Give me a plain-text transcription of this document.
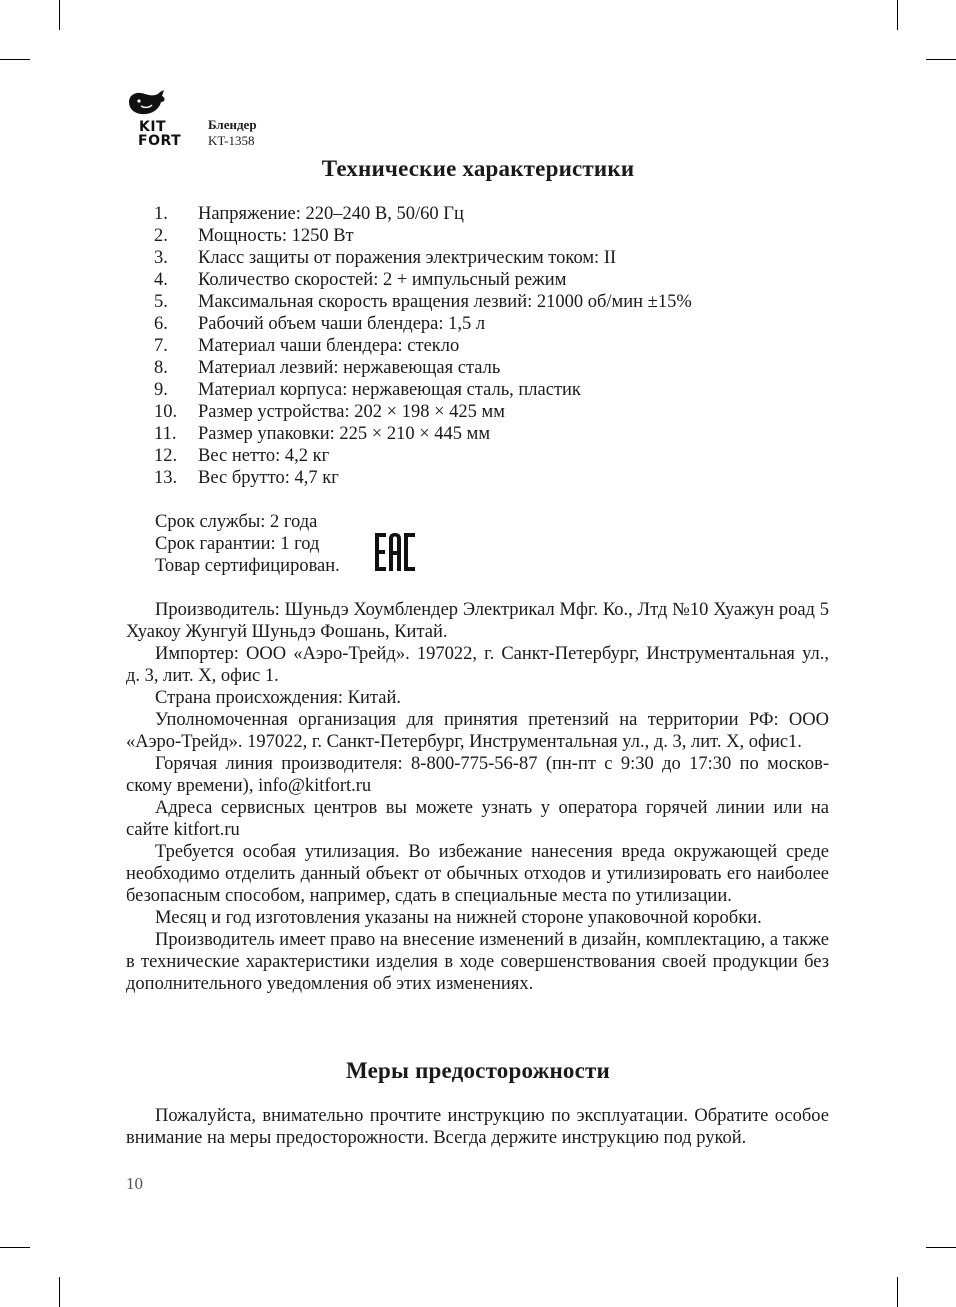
KIT
FORT
Блендер
KT-1358
Технические характеристики
1. Напряжение: 220–240 В, 50/60 Гц
2. Мощность: 1250 Вт
3. Класс защиты от поражения электрическим током: II
4. Количество скоростей: 2 + импульсный режим
5. Максимальная скорость вращения лезвий: 21000 об/мин ±15%
6. Рабочий объем чаши блендера: 1,5 л
7. Материал чаши блендера: стекло
8. Материал лезвий: нержавеющая сталь
9. Материал корпуса: нержавеющая сталь, пластик
10. Размер устройства: 202 × 198 × 425 мм
11. Размер упаковки: 225 × 210 × 445 мм
12. Вес нетто: 4,2 кг
13. Вес брутто: 4,7 кг
Срок службы: 2 года
Срок гарантии: 1 год
Товар сертифицирован.

Производитель: Шуньдэ Хоумблендер Электрикал Мфг. Ко., Лтд №10 Хуажун роад 5 Хуакоу Жунгуй Шуньдэ Фошань, Китай.

Импортер: ООО «Аэро-Трейд». 197022, г. Санкт-Петербург, Инструментальная ул., д. 3, лит. Х, офис 1.

Страна происхождения: Китай.

Уполномоченная организация для принятия претензий на территории РФ: ООО «Аэро-Трейд». 197022, г. Санкт-Петербург, Инструментальная ул., д. 3, лит. Х, офис1.

Горячая линия производителя: 8-800-775-56-87 (пн-пт с 9:30 до 17:30 по московскому времени), info@kitfort.ru

Адреса сервисных центров вы можете узнать у оператора горячей линии или на сайте kitfort.ru

Требуется особая утилизация. Во избежание нанесения вреда окружающей среде необходимо отделить данный объект от обычных отходов и утилизировать его наиболее безопасным способом, например, сдать в специальные места по утилизации.

Месяц и год изготовления указаны на нижней стороне упаковочной коробки.

Производитель имеет право на внесение изменений в дизайн, комплектацию, а также в технические характеристики изделия в ходе совершенствования своей продукции без дополнительного уведомления об этих изменениях.

Меры предосторожности

Пожалуйста, внимательно прочтите инструкцию по эксплуатации. Обратите особое внимание на меры предосторожности. Всегда держите инструкцию под рукой.

10
